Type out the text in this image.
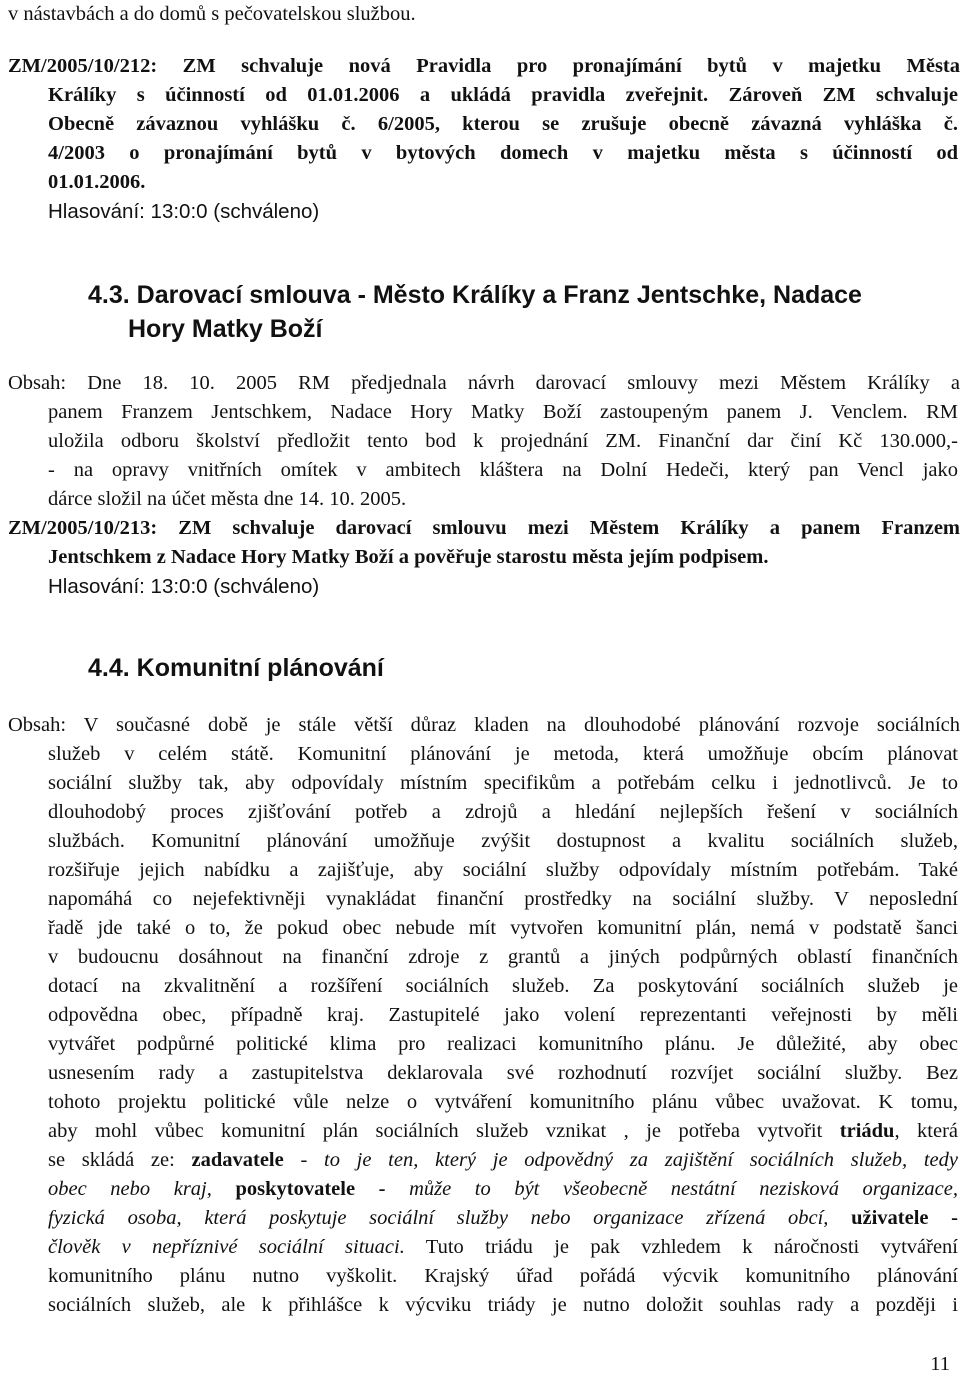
v nástavbách a do domů s pečovatelskou službou.
ZM/2005/10/212: ZM schvaluje nová Pravidla pro pronajímání bytů v majetku Města
Králíky s účinností od 01.01.2006 a ukládá pravidla zveřejnit. Zároveň ZM schvaluje
Obecně závaznou vyhlášku č. 6/2005, kterou se zrušuje obecně závazná vyhláška č.
4/2003 o pronajímání bytů v bytových domech v majetku města s účinností od
01.01.2006.
Hlasování: 13:0:0 (schváleno)
4.3. Darovací smlouva - Město Králíky a Franz Jentschke, Nadace
Hory Matky Boží
Obsah: Dne 18. 10. 2005 RM předjednala návrh darovací smlouvy mezi Městem Králíky a
panem Franzem Jentschkem, Nadace Hory Matky Boží zastoupeným panem J. Venclem. RM
uložila odboru školství předložit tento bod k projednání ZM. Finanční dar činí Kč 130.000,-
- na opravy vnitřních omítek v ambitech kláštera na Dolní Hedeči, který pan Vencl jako
dárce složil na účet města dne 14. 10. 2005.
ZM/2005/10/213: ZM schvaluje darovací smlouvu mezi Městem Králíky a panem Franzem
Jentschkem z Nadace Hory Matky Boží a pověřuje starostu města jejím podpisem.
Hlasování: 13:0:0 (schváleno)
4.4. Komunitní plánování
Obsah: V současné době je stále větší důraz kladen na dlouhodobé plánování rozvoje sociálních
služeb v celém státě. Komunitní plánování je metoda, která umožňuje obcím plánovat
sociální služby tak, aby odpovídaly místním specifikům a potřebám celku i jednotlivců. Je to
dlouhodobý proces zjišťování potřeb a zdrojů a hledání nejlepších řešení v sociálních
službách. Komunitní plánování umožňuje zvýšit dostupnost a kvalitu sociálních služeb,
rozšiřuje jejich nabídku a zajišťuje, aby sociální služby odpovídaly místním potřebám. Také
napomáhá co nejefektivněji vynakládat finanční prostředky na sociální služby. V neposlední
řadě jde také o to, že pokud obec nebude mít vytvořen komunitní plán, nemá v podstatě šanci
v budoucnu dosáhnout na finanční zdroje z grantů a jiných podpůrných oblastí finančních
dotací na zkvalitnění a rozšíření sociálních služeb. Za poskytování sociálních služeb je
odpovědna obec, případně kraj. Zastupitelé jako volení reprezentanti veřejnosti by měli
vytvářet podpůrné politické klima pro realizaci komunitního plánu. Je důležité, aby obec
usnesením rady a zastupitelstva deklarovala své rozhodnutí rozvíjet sociální služby. Bez
tohoto projektu politické vůle nelze o vytváření komunitního plánu vůbec uvažovat. K tomu,
aby mohl vůbec komunitní plán sociálních služeb vznikat , je potřeba vytvořit triádu, která
se skládá ze: zadavatele - to je ten, který je odpovědný za zajištění sociálních služeb, tedy
obec nebo kraj, poskytovatele - může to být všeobecně nestátní nezisková organizace,
fyzická osoba, která poskytuje sociální služby nebo organizace zřízená obcí, uživatele -
člověk v nepříznivé sociální situaci. Tuto triádu je pak vzhledem k náročnosti vytváření
komunitního plánu nutno vyškolit. Krajský úřad pořádá výcvik komunitního plánování
sociálních služeb, ale k přihlášce k výcviku triády je nutno doložit souhlas rady a později i
11
